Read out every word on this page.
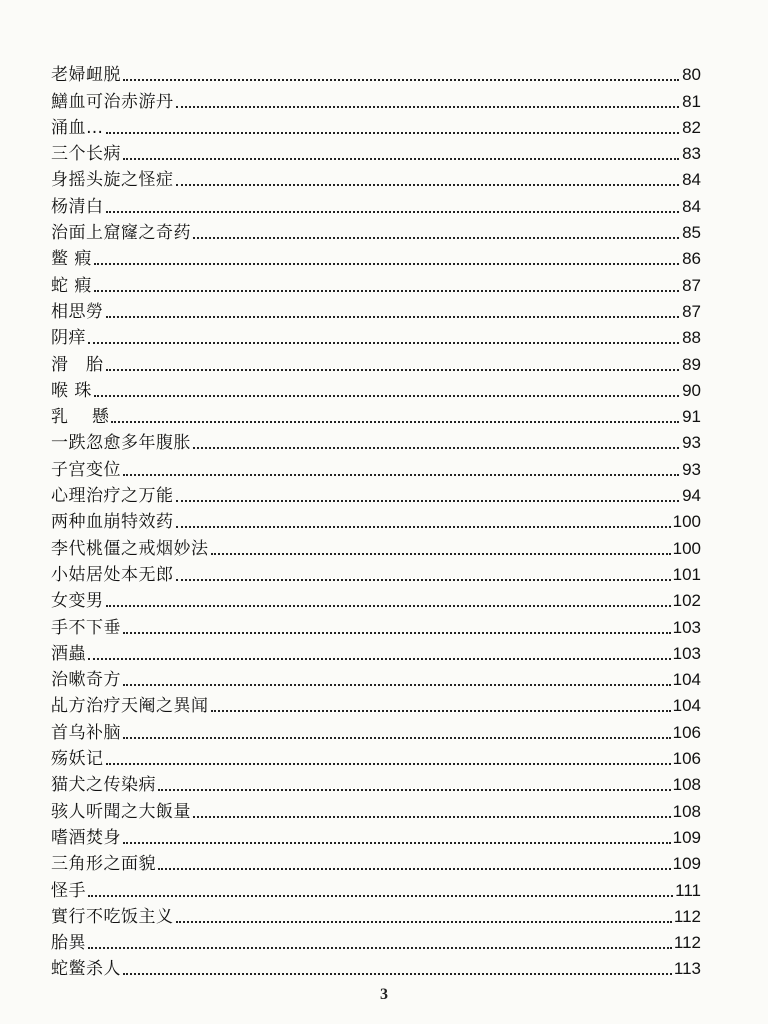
老婦衄脱	80
鱔血可治赤游丹	81
涌血…	82
三个长病	83
身摇头旋之怪症	84
杨清白	84
治面上窟窿之奇药	85
鳖 瘕	86
蛇 瘕	87
相思勞	87
阴痒	88
滑　胎	89
喉 珠	90
乳　 懸	91
一跌忽愈多年腹胀	93
子宫变位	93
心理治疗之万能	94
两种血崩特效药	100
李代桃僵之戒烟妙法	100
小姑居处本无郎	101
女变男	102
手不下垂	103
酒蟲	103
治嗽奇方	104
乩方治疗天阉之異闻	104
首乌补脑	106
殇妖记	106
猫犬之传染病	108
骇人听聞之大飯量	108
嗜酒焚身	109
三角形之面貌	109
怪手	111
實行不吃饭主义	112
胎異	112
蛇鳖杀人	113
3
